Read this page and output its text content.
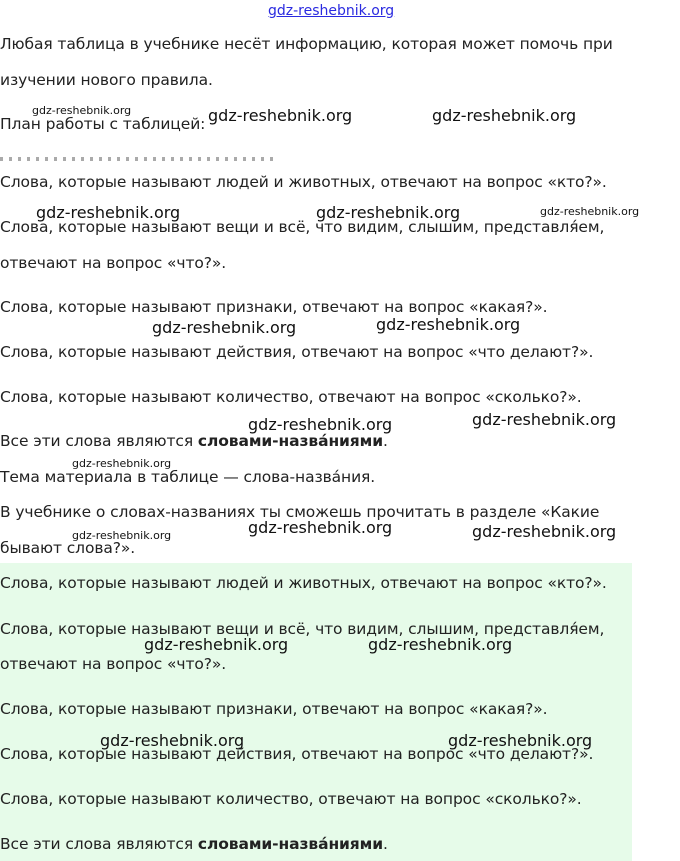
gdz-reshebnik.org
Любая таблица в учебнике несёт информацию, которая может помочь при
изучении нового правила.
План работы с таблицей:
Слова, которые называют людей и животных, отвечают на вопрос «кто?».
Слова, которые называют вещи и всё, что видим, слышим, представля́ем,
отвечают на вопрос «что?».
Слова, которые называют признаки, отвечают на вопрос «какая?».
Слова, которые называют действия, отвечают на вопрос «что делают?».
Слова, которые называют количество, отвечают на вопрос «сколько?».
Все эти слова являются словами-назва́ниями.
Тема материала в таблице — слова-назва́ния.
В учебнике о словах-названиях ты сможешь прочитать в разделе «Какие
бывают слова?».
Слова, которые называют людей и животных, отвечают на вопрос «кто?».
Слова, которые называют вещи и всё, что видим, слышим, представля́ем,
отвечают на вопрос «что?».
Слова, которые называют признаки, отвечают на вопрос «какая?».
Слова, которые называют действия, отвечают на вопрос «что делают?».
Слова, которые называют количество, отвечают на вопрос «сколько?».
Все эти слова являются словами-назва́ниями.
gdz-reshebnik.org	gdz-reshebnik.org	gdz-reshebnik.org
gdz-reshebnik.org	gdz-reshebnik.org	gdz-reshebnik.org
gdz-reshebnik.org	gdz-reshebnik.org
gdz-reshebnik.org	gdz-reshebnik.org
gdz-reshebnik.org
gdz-reshebnik.org
gdz-reshebnik.org	gdz-reshebnik.org
gdz-reshebnik.org	gdz-reshebnik.org
gdz-reshebnik.org	gdz-reshebnik.org
